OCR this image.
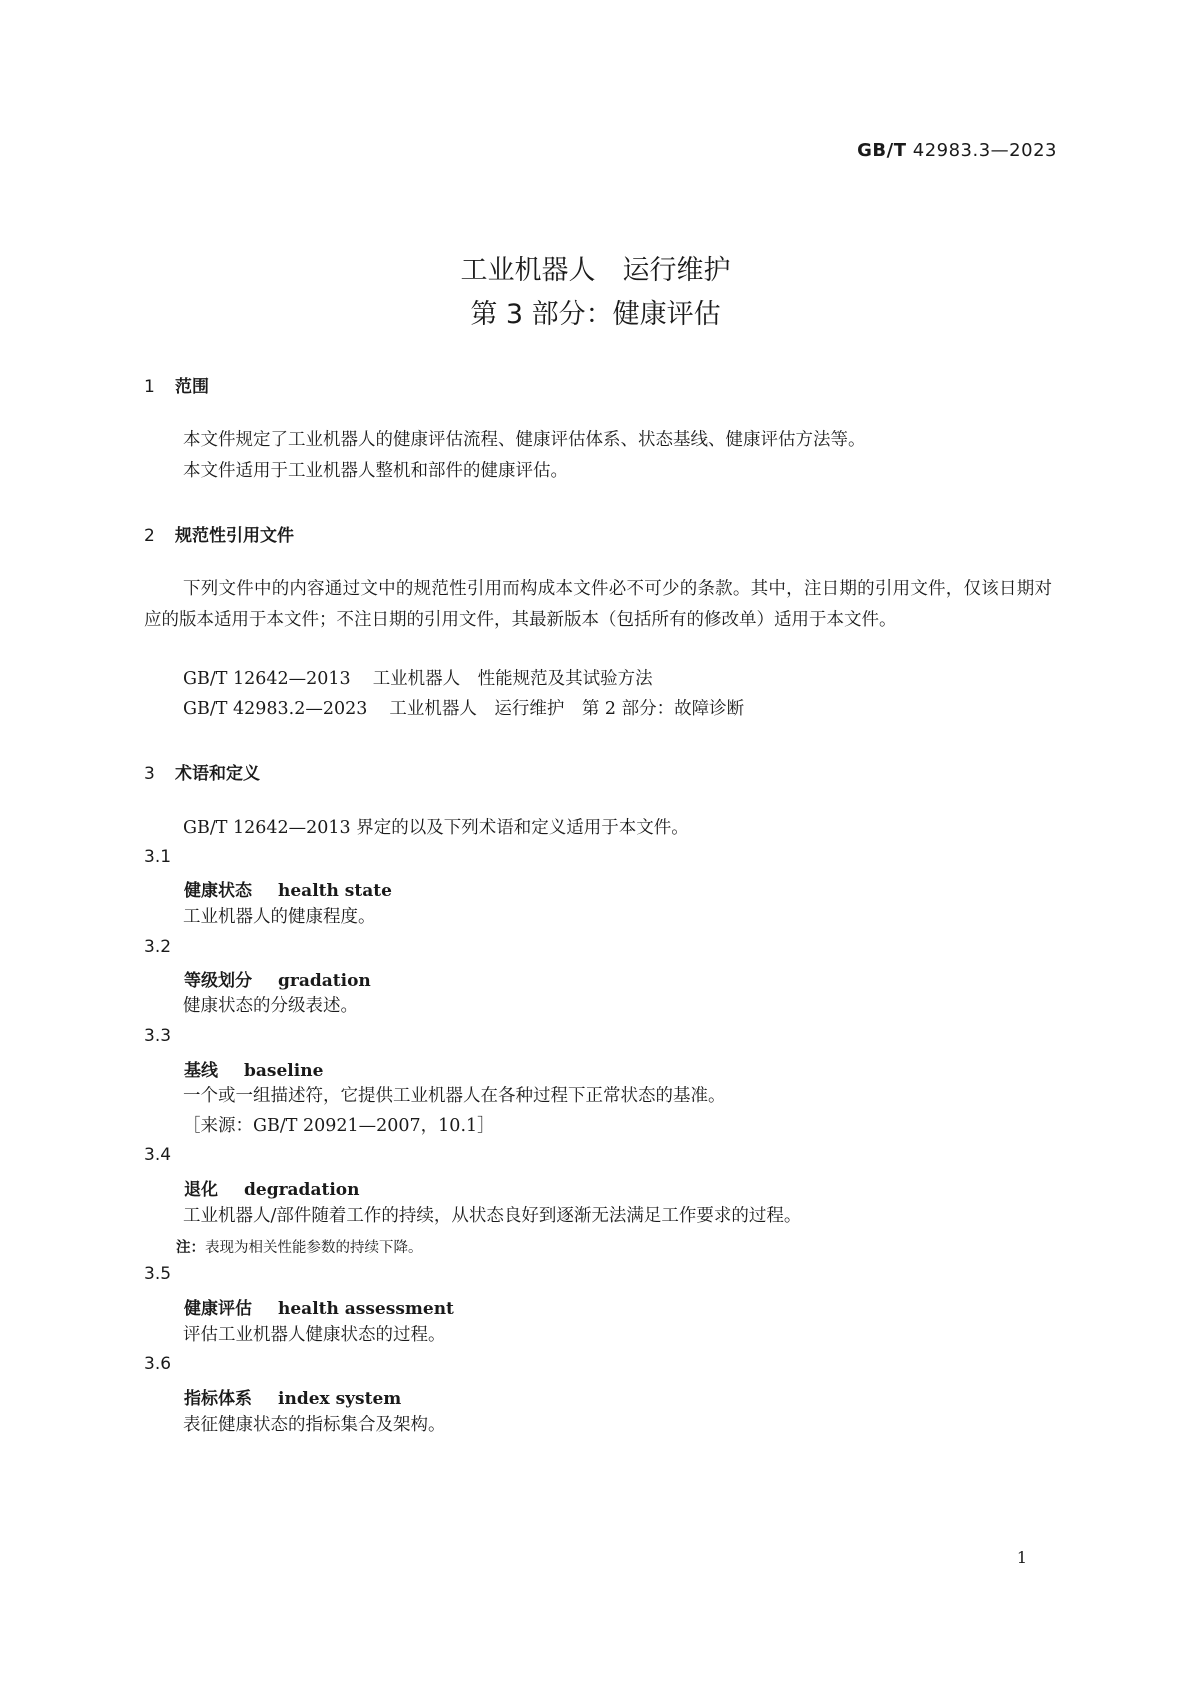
GB/T 42983.3—2023
工业机器人　运行维护
第 3 部分：健康评估
1 范围
本文件规定了工业机器人的健康评估流程、健康评估体系、状态基线、健康评估方法等。
本文件适用于工业机器人整机和部件的健康评估。
2 规范性引用文件
下列文件中的内容通过文中的规范性引用而构成本文件必不可少的条款。其中，注日期的引用文件，仅该日期对应的版本适用于本文件；不注日期的引用文件，其最新版本（包括所有的修改单）适用于本文件。
GB/T 12642—2013 工业机器人　性能规范及其试验方法
GB/T 42983.2—2023 工业机器人　运行维护　第 2 部分：故障诊断
3 术语和定义
GB/T 12642—2013 界定的以及下列术语和定义适用于本文件。
3.1
健康状态 health state
工业机器人的健康程度。
3.2
等级划分 gradation
健康状态的分级表述。
3.3
基线 baseline
一个或一组描述符，它提供工业机器人在各种过程下正常状态的基准。
［来源：GB/T 20921—2007，10.1］
3.4
退化 degradation
工业机器人/部件随着工作的持续，从状态良好到逐渐无法满足工作要求的过程。
注：表现为相关性能参数的持续下降。
3.5
健康评估 health assessment
评估工业机器人健康状态的过程。
3.6
指标体系 index system
表征健康状态的指标集合及架构。
1
